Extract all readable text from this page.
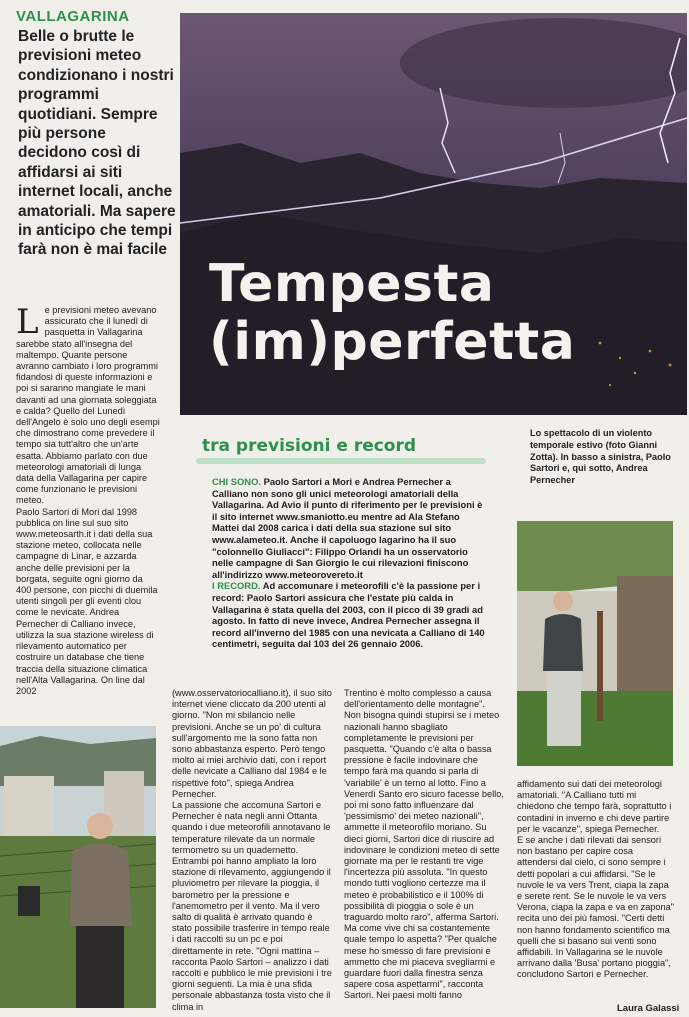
VALLAGARINA
Belle o brutte le previsioni meteo condizionano i nostri programmi quotidiani. Sempre più persone decidono così di affidarsi ai siti internet locali, anche amatoriali. Ma sapere in anticipo che tempi farà non è mai facile
Tempesta
(im)perfetta
tra previsioni e record
CHI SONO. Paolo Sartori a Mori e Andrea Pernecher a Calliano non sono gli unici meteorologi amatoriali della Vallagarina. Ad Avio il punto di riferimento per le previsioni è il sito internet www.smaniotto.eu mentre ad Ala Stefano Mattei dal 2008 carica i dati della sua stazione sul sito www.alameteo.it. Anche il capoluogo lagarino ha il suo "colonnello Giuliacci": Filippo Orlandi ha un osservatorio nelle campagne di San Giorgio le cui rilevazioni finiscono all'indirizzo www.meteorovereto.it
I RECORD. Ad accomunare i meteorofili c'è la passione per i record: Paolo Sartori assicura che l'estate più calda in Vallagarina è stata quella del 2003, con il picco di 39 gradi ad agosto. In fatto di neve invece, Andrea Pernecher assegna il record all'inverno del 1985 con una nevicata a Calliano di 140 centimetri, seguita dal 103 del 26 gennaio 2006.
Lo spettacolo di un violento temporale estivo (foto Gianni Zotta). In basso a sinistra, Paolo Sartori e, qui sotto, Andrea Pernecher
L e previsioni meteo avevano assicurato che il lunedì di pasquetta in Vallagarina sarebbe stato all'insegna del maltempo. Quante persone avranno cambiato i loro programmi fidandosi di queste informazioni e poi si saranno mangiate le mani davanti ad una giornata soleggiata e calda? Quello del Lunedì dell'Angelo è solo uno degli esempi che dimostrano come prevedere il tempo sia tutt'altro che un'arte esatta. Abbiamo parlato con due meteorologi amatoriali di lunga data della Vallagarina per capire come funzionano le previsioni meteo.

Paolo Sartori di Mori dal 1998 pubblica on line sul suo sito www.meteosarth.it i dati della sua stazione meteo, collocata nelle campagne di Linar, e azzarda anche delle previsioni per la borgata, seguite ogni giorno da 400 persone, con picchi di duemila utenti singoli per gli eventi clou come le nevicate. Andrea Pernecher di Calliano invece, utilizza la sua stazione wireless di rilevamento automatico per costruire un database che tiene traccia della situazione climatica nell'Alta Vallagarina. On line dal 2002	(www.osservatoriocalliano.it), il suo sito internet viene cliccato da 200 utenti al giorno. "Non mi sbilancio nelle previsioni. Anche se un po' di cultura sull'argomento me la sono fatta non sono abbastanza esperto. Però tengo molto ai miei archivio dati, con i report delle nevicate a Calliano dal 1984 e le rispettive foto", spiega Andrea Pernecher.

La passione che accomuna Sartori e Pernecher è nata negli anni Ottanta quando i due meteorofili annotavano le temperature rilevate da un normale termometro su un quadernetto. Entrambi poi hanno ampliato la loro stazione di rilevamento, aggiungendo il pluviometro per rilevare la pioggia, il barometro per la pressione e l'anemometro per il vento. Ma il vero salto di qualità è arrivato quando è stato possibile trasferire in tempo reale i dati raccolti su un pc e poi direttamente in rete. "Ogni mattina – racconta Paolo Sartori – analizzo i dati raccolti e pubblico le mie previsioni i tre giorni seguenti. La mia è una sfida personale abbastanza tosta visto che il clima in

Trentino è molto complesso a causa dell'orientamento delle montagne". Non bisogna quindi stupirsi se i meteo nazionali hanno sbagliato completamente le previsioni per pasquetta. "Quando c'è alta o bassa pressione è facile indovinare che tempo farà ma quando si parla di 'variabile' è un terno al lotto. Fino a Venerdì Santo ero sicuro facesse bello, poi mi sono fatto influenzare dal 'pessimismo' dei meteo nazionali", ammette il meteorofilo moriano. Su dieci giorni, Sartori dice di riuscire ad indovinare le condizioni meteo di sette giornate ma per le restanti tre vige l'incertezza più assoluta. "In questo mondo tutti vogliono certezze ma il meteo è probabilistico e il 100% di possibilità di pioggia o sole è un traguardo molto raro", afferma Sartori.

Ma come vive chi sa costantemente quale tempo lo aspetta? "Per qualche mese ho smesso di fare previsioni e ammetto che mi piaceva svegliarmi e guardare fuori dalla finestra senza sapere cosa aspettarmi", racconta Sartori. Nei paesi molti fanno

affidamento sui dati dei meteorologi amatoriali. "A Calliano tutti mi chiedono che tempo farà, soprattutto i contadini in inverno e chi deve partire per le vacanze", spiega Pernecher.

E se anche i dati rilevati dai sensori non bastano per capire cosa attendersi dal cielo, ci sono sempre i detti popolari a cui affidarsi. "Se le nuvole le va vers Trent, ciapa la zapa e serete rent. Se le nuvole le va vers Verona, ciapa la zapa e va en zapona" recita uno dei più famosi. "Certi detti non hanno fondamento scientifico ma quelli che si basano sui venti sono affidabili. In Vallagarina se le nuvole arrivano dalla 'Busa' portano pioggia", concludono Sartori e Pernecher.

Laura Galassi
